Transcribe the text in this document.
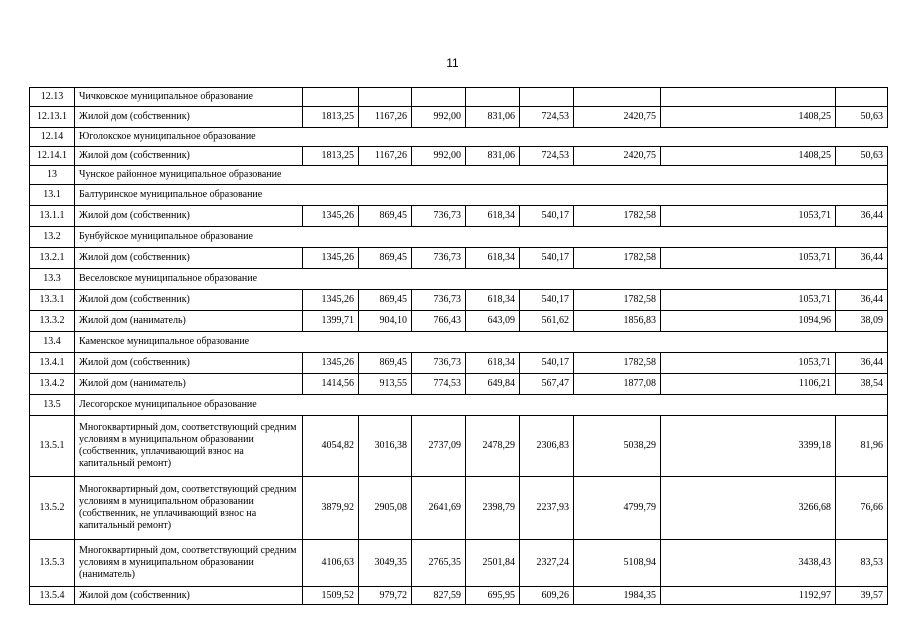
11
12.13	Чичковское муниципальное образование								
12.13.1	Жилой дом (собственник)	1813,25	1167,26	992,00	831,06	724,53	2420,75	1408,25	50,63
12.14	Юголокское муниципальное образование								
12.14.1	Жилой дом (собственник)	1813,25	1167,26	992,00	831,06	724,53	2420,75	1408,25	50,63
13	Чунское районное муниципальное образование								
13.1	Балтуринское муниципальное образование								
13.1.1	Жилой дом (собственник)	1345,26	869,45	736,73	618,34	540,17	1782,58	1053,71	36,44
13.2	Бунбуйское муниципальное образование								
13.2.1	Жилой дом (собственник)	1345,26	869,45	736,73	618,34	540,17	1782,58	1053,71	36,44
13.3	Веселовское муниципальное образование								
13.3.1	Жилой дом (собственник)	1345,26	869,45	736,73	618,34	540,17	1782,58	1053,71	36,44
13.3.2	Жилой дом (наниматель)	1399,71	904,10	766,43	643,09	561,62	1856,83	1094,96	38,09
13.4	Каменское муниципальное образование								
13.4.1	Жилой дом (собственник)	1345,26	869,45	736,73	618,34	540,17	1782,58	1053,71	36,44
13.4.2	Жилой дом (наниматель)	1414,56	913,55	774,53	649,84	567,47	1877,08	1106,21	38,54
13.5	Лесогорское муниципальное образование								
13.5.1	Многоквартирный дом, соответствующий средним условиям в муниципальном образовании (собственник, уплачивающий взнос на капитальный ремонт)	4054,82	3016,38	2737,09	2478,29	2306,83	5038,29	3399,18	81,96
13.5.2	Многоквартирный дом, соответствующий средним условиям в муниципальном образовании (собственник, не уплачивающий взнос на капитальный ремонт)	3879,92	2905,08	2641,69	2398,79	2237,93	4799,79	3266,68	76,66
13.5.3	Многоквартирный дом, соответствующий средним условиям в муниципальном образовании (наниматель)	4106,63	3049,35	2765,35	2501,84	2327,24	5108,94	3438,43	83,53
13.5.4	Жилой дом (собственник)	1509,52	979,72	827,59	695,95	609,26	1984,35	1192,97	39,57
